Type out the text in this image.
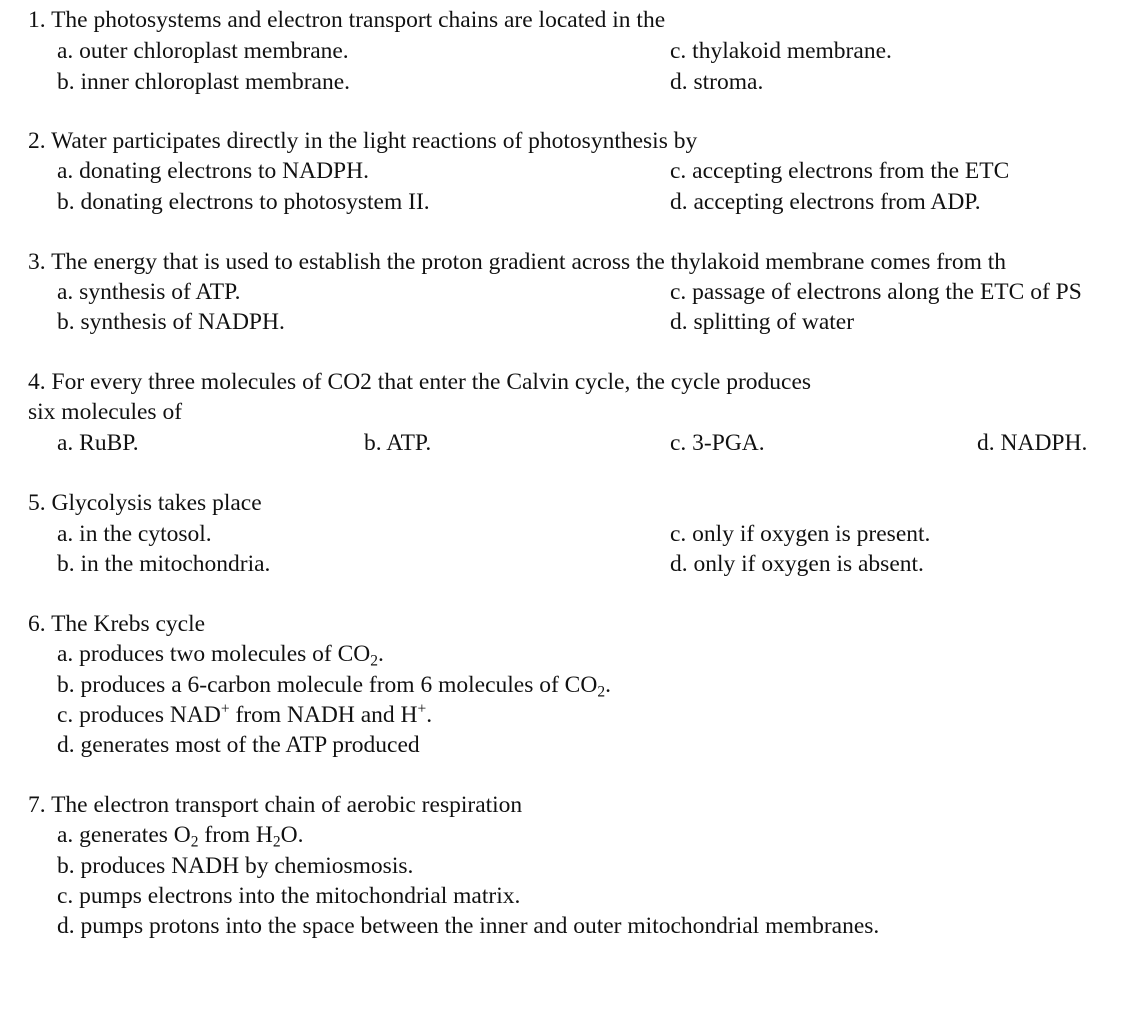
1. The photosystems and electron transport chains are located in the
a. outer chloroplast membrane.	c. thylakoid membrane.
b. inner chloroplast membrane.	d. stroma.
2. Water participates directly in the light reactions of photosynthesis by
a. donating electrons to NADPH.	c. accepting electrons from the ETC
b. donating electrons to photosystem II.	d. accepting electrons from ADP.
3. The energy that is used to establish the proton gradient across the thylakoid membrane comes from th
a. synthesis of ATP.	c. passage of electrons along the ETC of PS
b. synthesis of NADPH.	d. splitting of water
4. For every three molecules of CO2 that enter the Calvin cycle, the cycle produces
six molecules of
a. RuBP.	b. ATP.	c. 3-PGA.	d. NADPH.
5. Glycolysis takes place
a. in the cytosol.	c. only if oxygen is present.
b. in the mitochondria.	d. only if oxygen is absent.
6. The Krebs cycle
a. produces two molecules of $CO_2$.
b. produces a 6-carbon molecule from 6 molecules of $CO_2$.
c. produces NAD+ from NADH and H+.
d. generates most of the ATP produced
7. The electron transport chain of aerobic respiration
a. generates $O_2$ from $H_2O$.
b. produces NADH by chemiosmosis.
c. pumps electrons into the mitochondrial matrix.
d. pumps protons into the space between the inner and outer mitochondrial membranes.
